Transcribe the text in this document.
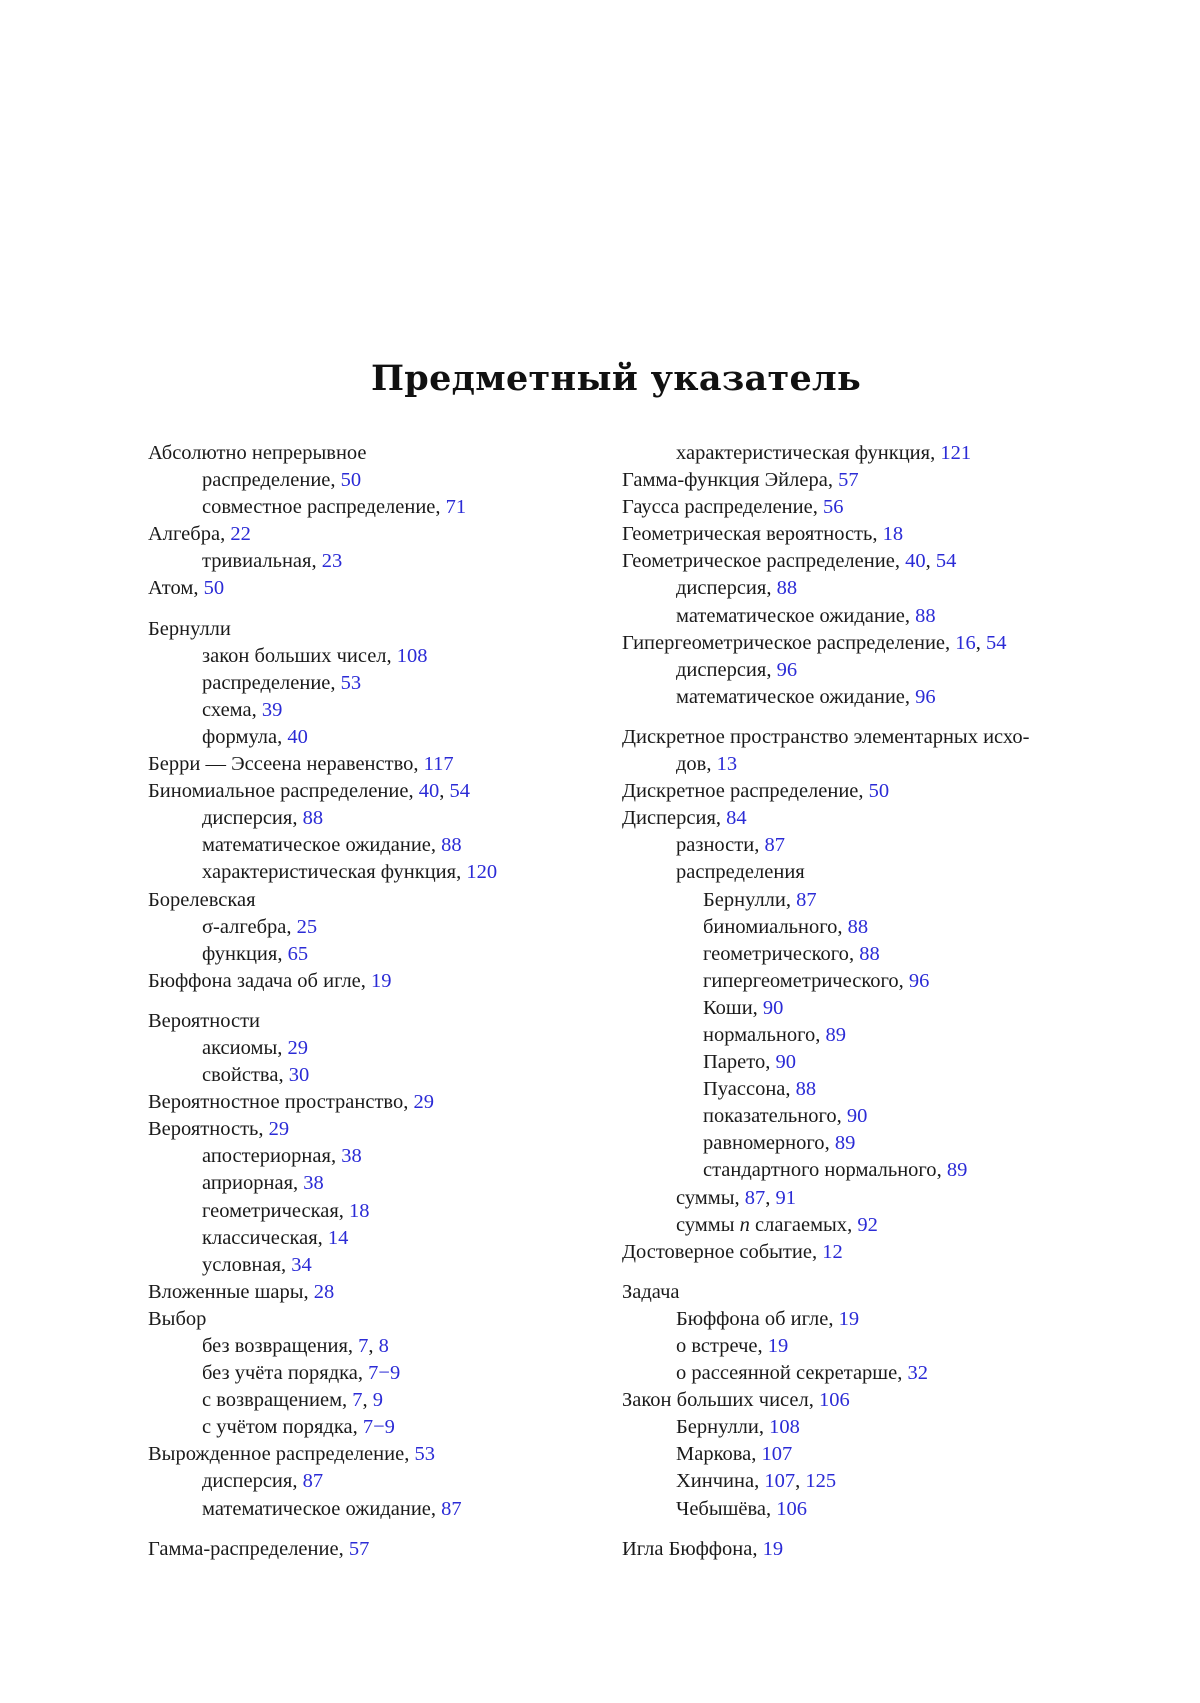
Предметный указатель
Абсолютно непрерывное
распределение, 50
совместное распределение, 71
Алгебра, 22
тривиальная, 23
Атом, 50
Бернулли
закон больших чисел, 108
распределение, 53
схема, 39
формула, 40
Берри — Эссеена неравенство, 117
Биномиальное распределение, 40, 54
дисперсия, 88
математическое ожидание, 88
характеристическая функция, 120
Борелевская
σ-алгебра, 25
функция, 65
Бюффона задача об игле, 19
Вероятности
аксиомы, 29
свойства, 30
Вероятностное пространство, 29
Вероятность, 29
апостериорная, 38
априорная, 38
геометрическая, 18
классическая, 14
условная, 34
Вложенные шары, 28
Выбор
без возвращения, 7, 8
без учёта порядка, 7−9
с возвращением, 7, 9
с учётом порядка, 7−9
Вырожденное распределение, 53
дисперсия, 87
математическое ожидание, 87
Гамма-распределение, 57
характеристическая функция, 121
Гамма-функция Эйлера, 57
Гаусса распределение, 56
Геометрическая вероятность, 18
Геометрическое распределение, 40, 54
дисперсия, 88
математическое ожидание, 88
Гипергеометрическое распределение, 16, 54
дисперсия, 96
математическое ожидание, 96
Дискретное пространство элементарных исхо-
дов, 13
Дискретное распределение, 50
Дисперсия, 84
разности, 87
распределения
Бернулли, 87
биномиального, 88
геометрического, 88
гипергеометрического, 96
Коши, 90
нормального, 89
Парето, 90
Пуассона, 88
показательного, 90
равномерного, 89
стандартного нормального, 89
суммы, 87, 91
суммы n слагаемых, 92
Достоверное событие, 12
Задача
Бюффона об игле, 19
о встрече, 19
о рассеянной секретарше, 32
Закон больших чисел, 106
Бернулли, 108
Маркова, 107
Хинчина, 107, 125
Чебышёва, 106
Игла Бюффона, 19
